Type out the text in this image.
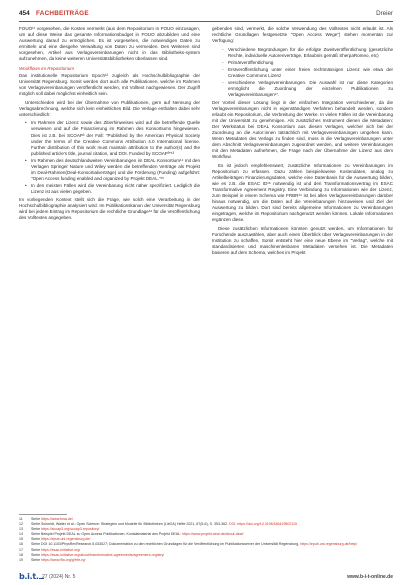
454 FACHBEITRÄGE	Dreier

FOUO¹¹ vorgesehen, die Kosten vermerkt (aus dem Repositorium in FOUO einzusagen, um auf diese Weise das gesamte Informationsbudget in FOUO abzubilden und eine Auswertung darauf zu ermöglichen. Es ist vorgesehen, die notwendigen Daten zu ermitteln und eine diesgehe Verwaltung von Daten zu vermeiden. Des Weiteren sind vorgesehen, Artikel aus Verlagsvereinbarungen nicht in das Bibliotheks-system aufzunehmen, da keine weiteren Universitätsbibliotheken überlassen sind.

Workflows im Repositorium

Das institutionelle Repositorium Epoch¹² zugleich als Hochschulbibliographie der Universität Regensburg. Somit werden dort auch alle Publikationen, welche im Rahmen von Verlagsvereinbarungen veröffentlicht werden, mit Volltext nachgewiesen. Der Zugriff möglich soll dabei möglichst einheitlich sein.

Unterschieden wird bei der Übernahme von Publikationen, gern auf Nennung der Verlagsabrechnung, welche sich kein einheitliches Bild. Die Verlage enthalten dabei sehr unterschiedlich:

• Im Rahmen der Lizenz sowie des Zitierhinweises wird auf die betreffende Quelle verwiesen und auf die Finanzierung im Rahmen des Konsortiums hingewiesen. Dies ist z.B. bei SCOAP³ der Fall: "Published by the American Physical Society under the terms of the Creative Commons Attribution 4.0 International license. Further distribution of this work must maintain attribution to the author(s) and the published article's title, journal citation, and DOI. Funded by SCOAP³"¹³
• Im Rahmen des deutschlandweiten Vereinbarungen im DEAL Konsortium¹⁴ mit den Verlagen Springer Nature und Wiley werden die betreffenden Verträge als Projekt im Deal-Rahmen(Deal-Konsortialverträge) und die Förderung (Funding) aufgeführt: "Open Access funding enabled and organized by Projekt DEAL."¹⁵
• In den meisten Fällen wird die Vereinbarung nicht näher spezifiziert. Lediglich die Lizenz ist aus vielen gegeben.

Im vorliegenden Kontext stellt sich die Frage, wie solch eine Verarbeitung in der Hochschulbibliographie analysiert wird. Im Publikationskanon der Universität Regensburg wird bei jedem Eintrag im Repositorium die rechtliche Grundlage¹⁶ für die Veröffentlichung des Volltextes angegeben.

gebenden sind, vermerkt, die solche Verwendung des Volltextes nicht erlaubt ist. Als rechtliche Grundlagen festgesetzte "Open Access Wege") stehen momentan zur Verfügung:

- Verschiedene Begründungen für die erfolgte Zweitveröffentlichung (gesetzliche Rechte, individuelle Autorenverträge, Erlaubnis gemäß SherpaRomeo, etc)
- Primärveröffentlichung
- Erstveröffentlichung unter einer freien rechtmässigen Lizenz wie etwa der Creative Commons Lizenz
- verschiedene Verlagsvereinbarungen. Die Auswahl ist nur diese Kategorien ermöglicht die Zuordnung der einzelnen Publikationen zu Verlagsvereinbarungen¹⁷.

Der Vorteil dieser Lösung liegt in der einfachen Integration verschiedener, da die Verlagsvereinbarungen nicht in eigenständigen Verfahren behandelt werden, sondern erlaubt ein Repositorium, die Verbreitung der Werke. In vielen Fällen ist die Vereinbarung mit der Universität zu genehmigen. Als zusätzliches Instrument dienen die Metadaten: Der Werkstatus bei DEAL Konsortium aus diesen Verlagen, welcher sich bei der Zuordnung an die Autor:innen tatsächlich mit Verlagsvereinbarungen umgehen kann. Wenn Metadaten des Verlags zu finden sind, muss in die Verlagsvereinbarungen unter dem Abschnitt Verlagsvereinbarungen zugeordnet werden, und weitere Vereinbarungen mit den Metadaten aufnehmen, die Frage nach der Übernahme der Lizenz aus dem Workflow.

Es ist jedoch empfehlenswert, zusätzliche Informationen zu Vereinbarungen im Repositorium zu erfassen. Dazu zählen beispielsweise Kostendaten, analog zu Artikelbeiträgen Finanzierungsdaten, welche eine Datenbasis für die Auswertung bilden, wie es z.B. die ESAC ID¹⁸ notwendig ist und den Transformationsvertrag im ESAC Transformative Agreement Registry. Eine Verbindung zu Informationen wie der Lizenz, zum Beispiel in einem Schema wie FRBR¹⁹ ist bei allen Verlagsvereinbarungen darüber hinaus notwendig, um die Daten auf die Vereinbarungen hinzuweisen und Ziel der Auswertung zu bilden. Dort sind bereits allgemeine Informationen zu Vereinbarungen eingetragen, welche im Repositorium nachgenutzt werden können. Lokale Informationen ergänzen diese.

Diese zusätzlichen Informationen könnten genutzt werden, um Informationen für Forschende auszuwählen, aber auch einen Überblick über Verlagsvereinbarungen in der Institution zu schaffen. Somit entsteht hier eine neue Ebene im "Verlag", welche mit standardisierten und maschinenlesbaren Metadaten versehen ist. Die Metadaten basieren auf dem Schema, welches im Projekt

11 Siehe https://www.fosa.de/
12 Siehe Schmidt, Walter et al.: Open Science: Strategien und Modelle für Bibliotheken (LibOA) Hefte 2021, 67(5-6), S. 353-362. DOI: https://doi.org/10.3196/186429502115
13 Siehe https://scoap3.org/scoap3-repository/
14 Siehe Beispiel Projekt DEAL zu Open Access Publikationen. Kontaktmaterial des Projekt DEAL: https://www.projekt-deal.de/about-deal/
15 Siehe https://epub.uni-regensburg.de/
16 Siehe DOI 10.1103/PhysRevResearch.5.033027; Dokumentation zu den rechtlichen Grundlagen für die Veröffentlichung im Publikationsserver der Universität Regensburg, https://epub.uni-regensburg.de/help/
17 Siehe https://esac-initiative.org/
18 Siehe https://esac-initiative.org/about/transformative-agreements/agreement-registry/
19 Siehe https://www.ifla.org/g/frbr-rg/
b.i.t. 27 (2024) Nr. 5	www.b-i-t-online.de
